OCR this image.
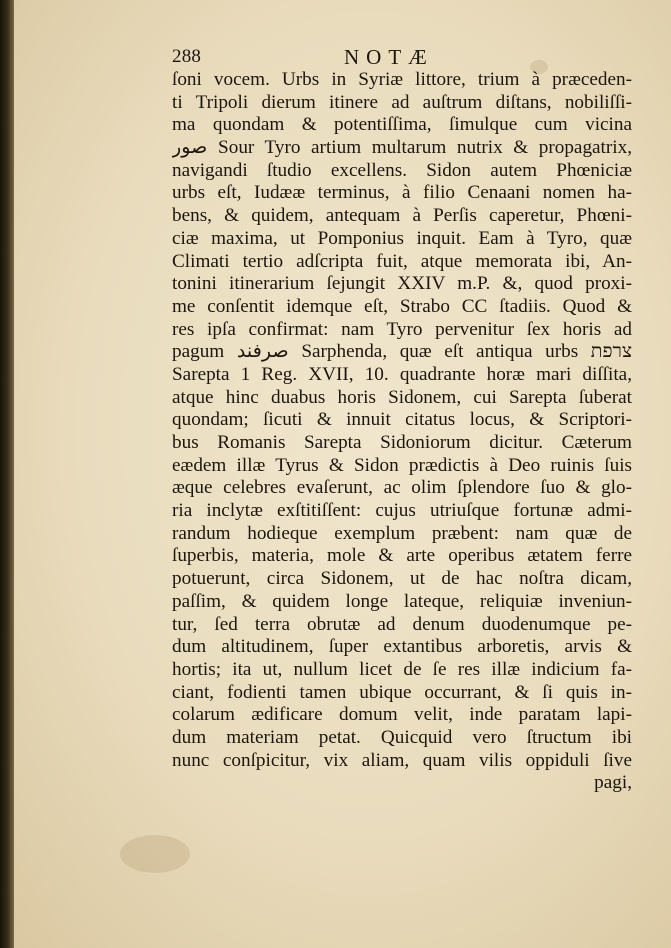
288	NOTÆ
ſoni vocem. Urbs in Syriæ littore, trium à præceden-
ti Tripoli dierum itinere ad auſtrum diſtans, nobiliſſi-
ma quondam & potentiſſima, ſimulque cum vicina
صور Sour Tyro artium multarum nutrix & propagatrix,
navigandi ſtudio excellens. Sidon autem Phœniciæ
urbs eſt, Iudææ terminus, à filio Cenaani nomen ha-
bens, & quidem, antequam à Perſis caperetur, Phœni-
ciæ maxima, ut Pomponius inquit. Eam à Tyro, quæ
Climati tertio adſcripta fuit, atque memorata ibi, An-
tonini itinerarium ſejungit XXIV m.P. &, quod proxi-
me conſentit idemque eſt, Strabo CC ſtadiis. Quod &
res ipſa confirmat: nam Tyro pervenitur ſex horis ad
pagum صرفند Sarphenda, quæ eſt antiqua urbs צרפת
Sarepta 1 Reg. XVII, 10. quadrante horæ mari diſſita,
atque hinc duabus horis Sidonem, cui Sarepta ſuberat
quondam; ſicuti & innuit citatus locus, & Scriptori-
bus Romanis Sarepta Sidoniorum dicitur. Cæterum
eædem illæ Tyrus & Sidon prædictis à Deo ruinis ſuis
æque celebres evaſerunt, ac olim ſplendore ſuo & glo-
ria inclytæ exſtitiſſent: cujus utriuſque fortunæ admi-
randum hodieque exemplum præbent: nam quæ de
ſuperbis, materia, mole & arte operibus ætatem ferre
potuerunt, circa Sidonem, ut de hac noſtra dicam,
paſſim, & quidem longe lateque, reliquiæ inveniun-
tur, ſed terra obrutæ ad denum duodenumque pe-
dum altitudinem, ſuper extantibus arboretis, arvis &
hortis; ita ut, nullum licet de ſe res illæ indicium fa-
ciant, fodienti tamen ubique occurrant, & ſi quis in-
colarum ædificare domum velit, inde paratam lapi-
dum materiam petat. Quicquid vero ſtructum ibi
nunc conſpicitur, vix aliam, quam vilis oppiduli ſive
pagi,
